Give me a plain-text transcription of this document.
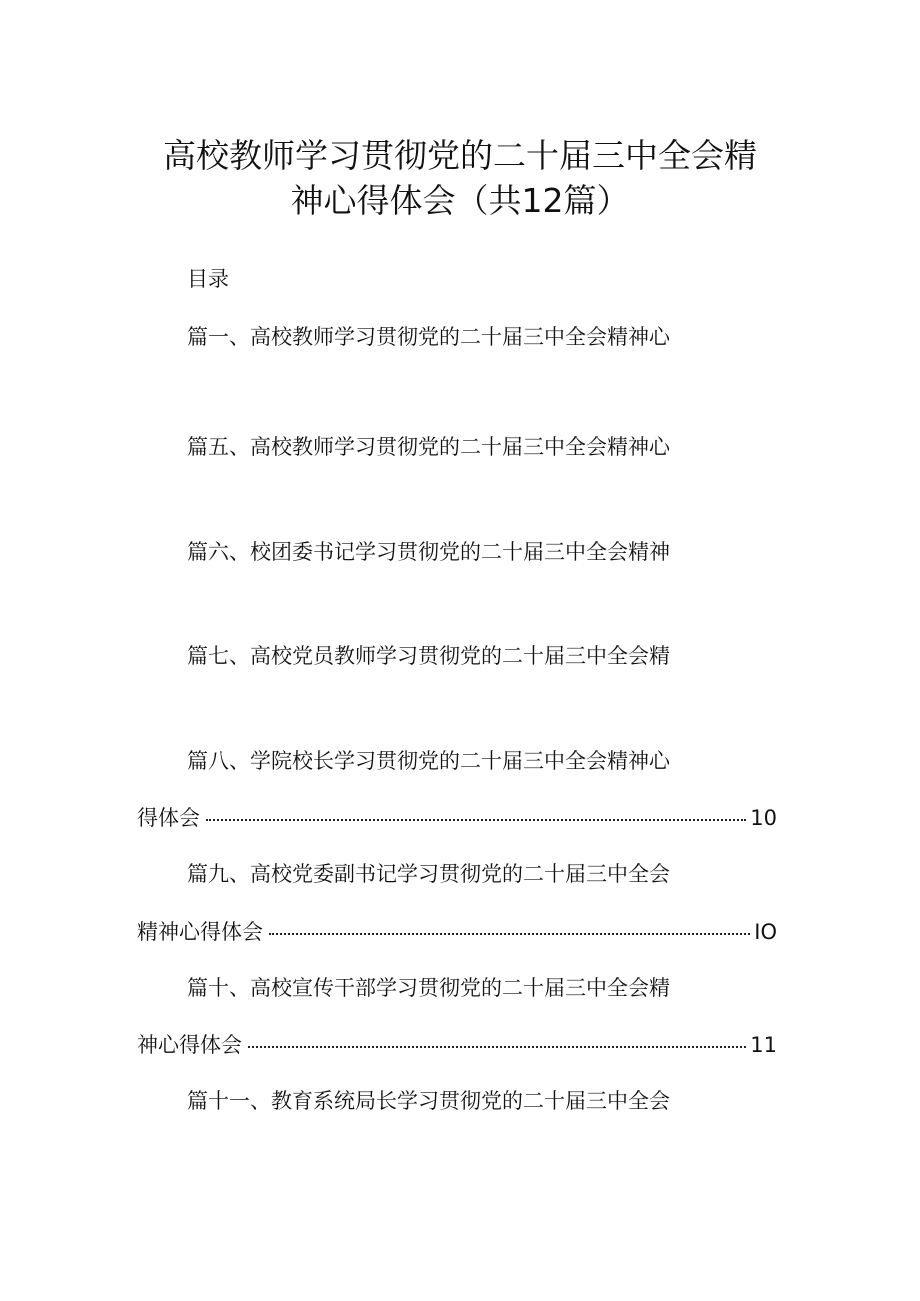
高校教师学习贯彻党的二十届三中全会精
神心得体会（共12篇）
目录
篇一、高校教师学习贯彻党的二十届三中全会精神心
篇五、高校教师学习贯彻党的二十届三中全会精神心
篇六、校团委书记学习贯彻党的二十届三中全会精神
篇七、高校党员教师学习贯彻党的二十届三中全会精
篇八、学院校长学习贯彻党的二十届三中全会精神心
得体会	10
篇九、高校党委副书记学习贯彻党的二十届三中全会
精神心得体会	IO
篇十、高校宣传干部学习贯彻党的二十届三中全会精
神心得体会	11
篇十一、教育系统局长学习贯彻党的二十届三中全会
